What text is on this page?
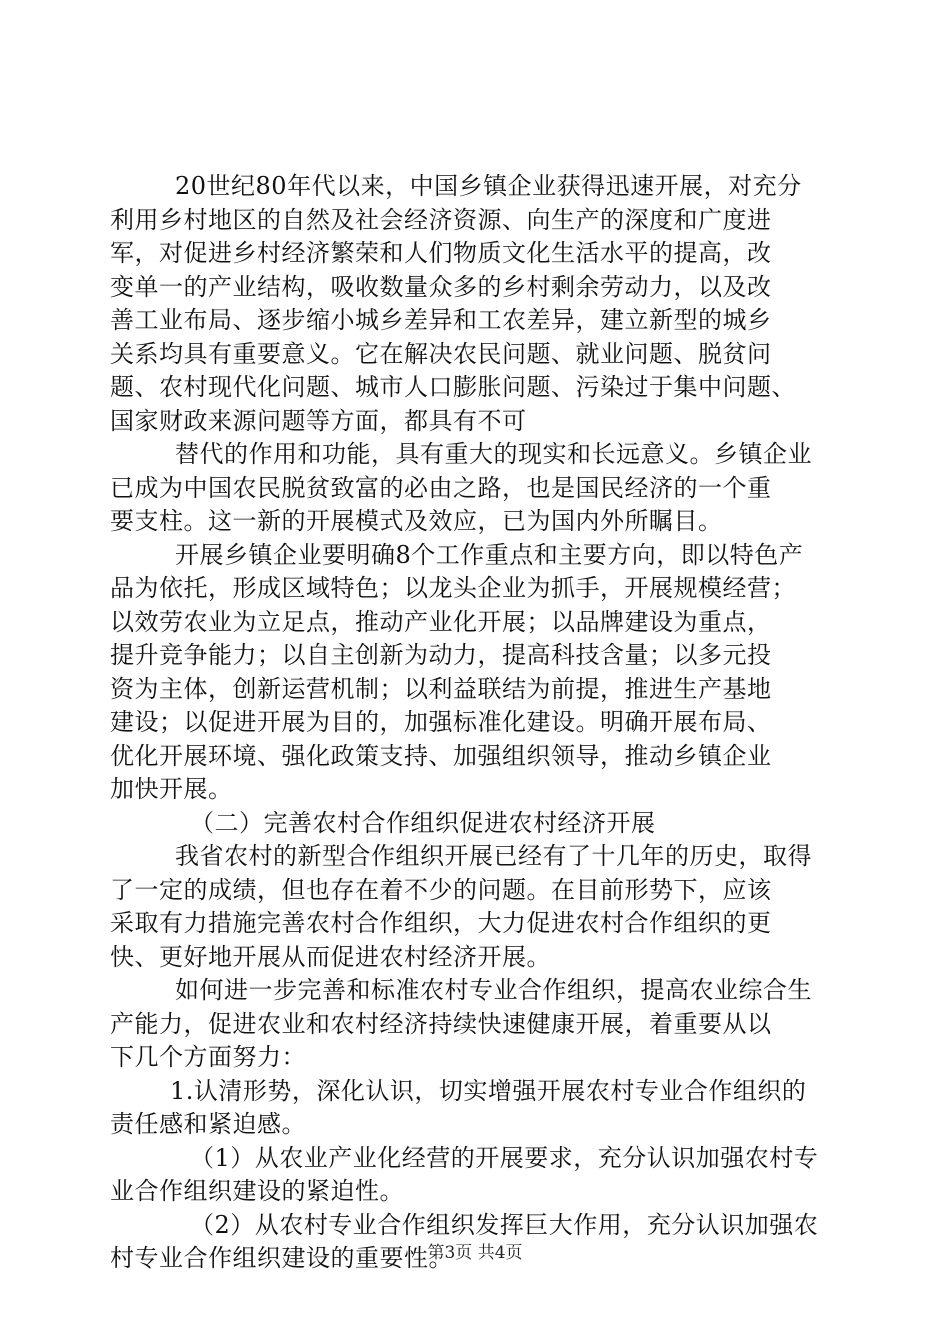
20世纪80年代以来，中国乡镇企业获得迅速开展，对充分
利用乡村地区的自然及社会经济资源、向生产的深度和广度进
军，对促进乡村经济繁荣和人们物质文化生活水平的提高，改
变单一的产业结构，吸收数量众多的乡村剩余劳动力，以及改
善工业布局、逐步缩小城乡差异和工农差异，建立新型的城乡
关系均具有重要意义。它在解决农民问题、就业问题、脱贫问
题、农村现代化问题、城市人口膨胀问题、污染过于集中问题、
国家财政来源问题等方面，都具有不可
替代的作用和功能，具有重大的现实和长远意义。乡镇企业
已成为中国农民脱贫致富的必由之路，也是国民经济的一个重
要支柱。这一新的开展模式及效应，已为国内外所瞩目。
开展乡镇企业要明确8个工作重点和主要方向，即以特色产
品为依托，形成区域特色；以龙头企业为抓手，开展规模经营；
以效劳农业为立足点，推动产业化开展；以品牌建设为重点，
提升竞争能力；以自主创新为动力，提高科技含量；以多元投
资为主体，创新运营机制；以利益联结为前提，推进生产基地
建设；以促进开展为目的，加强标准化建设。明确开展布局、
优化开展环境、强化政策支持、加强组织领导，推动乡镇企业
加快开展。
（二）完善农村合作组织促进农村经济开展
我省农村的新型合作组织开展已经有了十几年的历史，取得
了一定的成绩，但也存在着不少的问题。在目前形势下，应该
采取有力措施完善农村合作组织，大力促进农村合作组织的更
快、更好地开展从而促进农村经济开展。
如何进一步完善和标准农村专业合作组织，提高农业综合生
产能力，促进农业和农村经济持续快速健康开展，着重要从以
下几个方面努力：
1.认清形势，深化认识，切实增强开展农村专业合作组织的
责任感和紧迫感。
（1）从农业产业化经营的开展要求，充分认识加强农村专
业合作组织建设的紧迫性。
（2）从农村专业合作组织发挥巨大作用，充分认识加强农
村专业合作组织建设的重要性。
第3页 共4页
